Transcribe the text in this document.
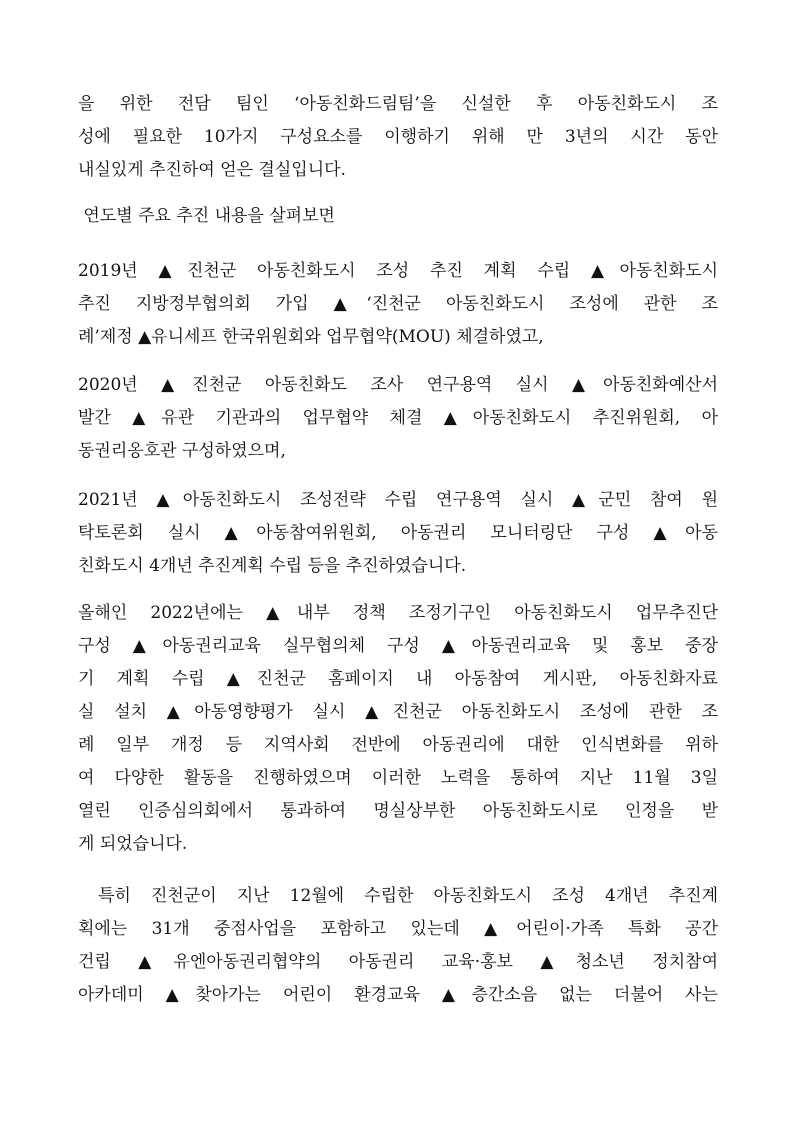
을 위한 전담 팀인 ‘아동친화드림팀’을 신설한 후 아동친화도시 조
성에 필요한 10가지 구성요소를 이행하기 위해 만 3년의 시간 동안
내실있게 추진하여 얻은 결실입니다.
연도별 주요 추진 내용을 살펴보면
2019년 ▲진천군 아동친화도시 조성 추진 계획 수립 ▲아동친화도시
추진 지방정부협의회 가입 ▲‘진천군 아동친화도시 조성에 관한 조
례’제정 ▲유니세프 한국위원회와 업무협약(MOU) 체결하였고,
2020년 ▲진천군 아동친화도 조사 연구용역 실시 ▲아동친화예산서
발간 ▲유관 기관과의 업무협약 체결 ▲아동친화도시 추진위원회, 아
동권리옹호관 구성하였으며,
2021년 ▲아동친화도시 조성전략 수립 연구용역 실시 ▲군민 참여 원
탁토론회 실시 ▲아동참여위원회, 아동권리 모니터링단 구성 ▲아동
친화도시 4개년 추진계획 수립 등을 추진하였습니다.
올해인 2022년에는 ▲내부 정책 조정기구인 아동친화도시 업무추진단
구성 ▲아동권리교육 실무협의체 구성 ▲아동권리교육 및 홍보 중장
기 계획 수립 ▲진천군 홈페이지 내 아동참여 게시판, 아동친화자료
실 설치 ▲아동영향평가 실시 ▲진천군 아동친화도시 조성에 관한 조
례 일부 개정 등 지역사회 전반에 아동권리에 대한 인식변화를 위하
여 다양한 활동을 진행하였으며 이러한 노력을 통하여 지난 11월 3일
열린 인증심의회에서 통과하여 명실상부한 아동친화도시로 인정을 받
게 되었습니다.
특히 진천군이 지난 12월에 수립한 아동친화도시 조성 4개년 추진계
획에는 31개 중점사업을 포함하고 있는데 ▲어린이·가족 특화 공간
건립 ▲유엔아동권리협약의 아동권리 교육·홍보 ▲청소년 정치참여
아카데미 ▲찾아가는 어린이 환경교육 ▲층간소음 없는 더불어 사는
